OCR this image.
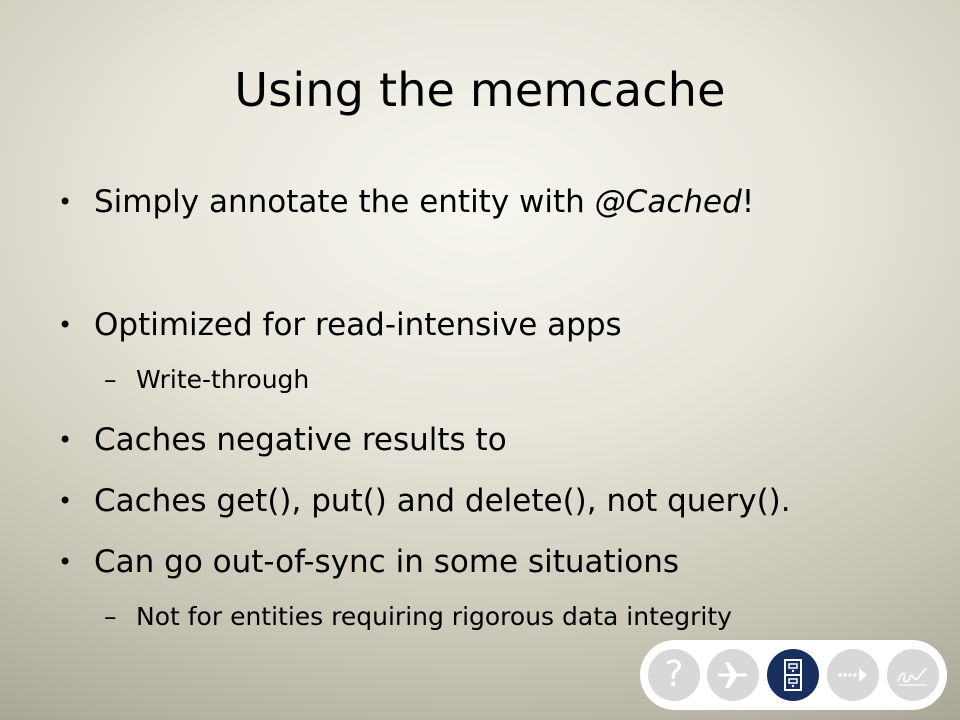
Using the memcache
• Simply annotate the entity with @Cached!
• Optimized for read-intensive apps
– Write-through
• Caches negative results to
• Caches get(), put() and delete(), not query().
• Can go out-of-sync in some situations
– Not for entities requiring rigorous data integrity
?
